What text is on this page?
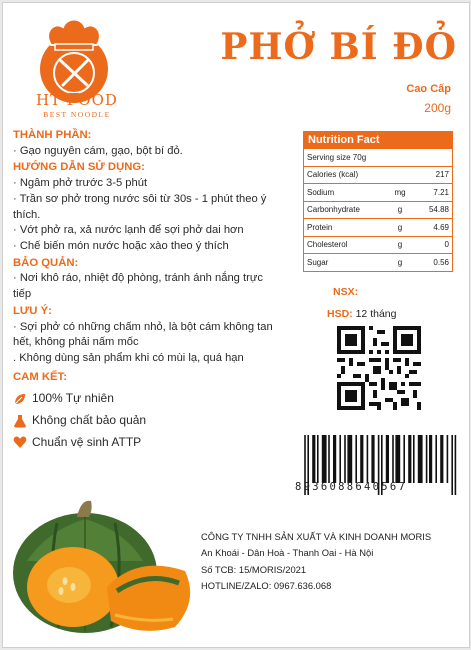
HT FOOD
BEST NOODLE
PHỞ BÍ ĐỎ
Cao Cấp
200g
THÀNH PHẦN:

· Gạo nguyên cám, gạo, bột bí đỏ.

HƯỚNG DẪN SỬ DỤNG:

· Ngâm phở trước 3-5 phút

· Trần sơ phở trong nước sôi từ 30s - 1 phút theo ý thích.

· Vớt phở ra, xả nước lạnh để sợi phở dai hơn

· Chế biến món nước hoặc xào theo ý thích

BẢO QUẢN:

· Nơi khô ráo, nhiệt độ phòng, tránh ánh nắng trực tiếp

LƯU Ý:

· Sợi phở có những chấm nhỏ, là bột cám không tan hết, không phải nấm mốc

. Không dùng sản phẩm khi có mùi lạ, quá hạn

CAM KẾT:
100% Tự nhiên
Không chất bảo quản
Chuẩn vệ sinh ATTP
Nutrition Fact
Serving size 70g
Calories (kcal)	217
Sodium	mg	7.21
Carbonhydrate	g	54.88
Protein	g	4.69
Cholesterol	g	0
Sugar	g	0.56
NSX:
HSD: 12 tháng
8936088640567
CÔNG TY TNHH SẢN XUẤT VÀ KINH DOANH MORIS
An Khoái - Dân Hoà - Thanh Oai - Hà Nội
Số TCB: 15/MORIS/2021
HOTLINE/ZALO: 0967.636.068
